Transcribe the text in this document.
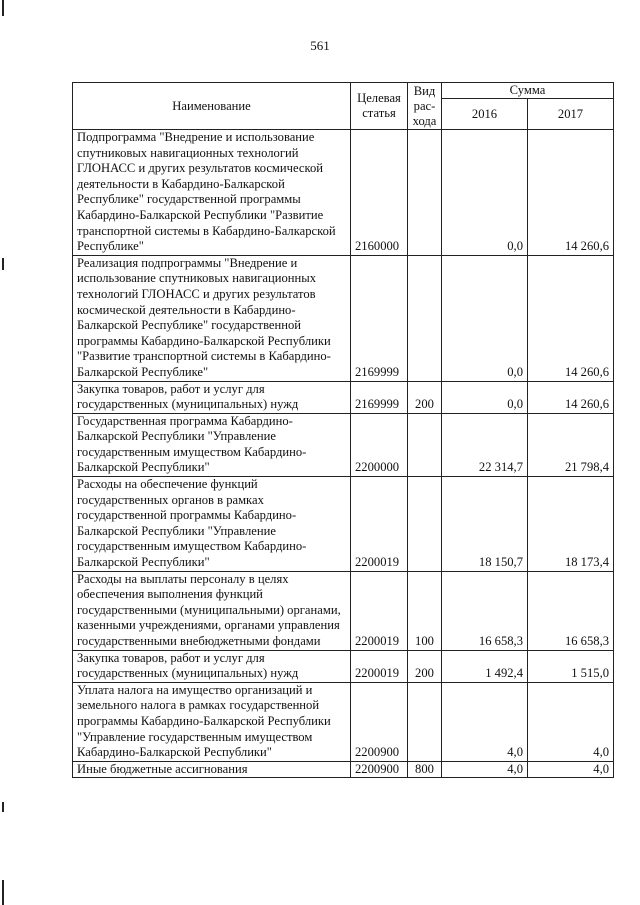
561
Наименование	Целевая статья	Вид рас-хода	Сумма	
			2016	2017
Подпрограмма "Внедрение и использование спутниковых навигационных технологий ГЛОНАСС и других результатов космической деятельности в Кабардино-Балкарской Республике" государственной программы Кабардино-Балкарской Республики "Развитие транспортной системы в Кабардино-Балкарской Республике"	2160000		0,0	14 260,6
Реализация подпрограммы "Внедрение и использование спутниковых навигационных технологий ГЛОНАСС и других результатов космической деятельности в Кабардино-Балкарской Республике" государственной программы Кабардино-Балкарской Республики "Развитие транспортной системы в Кабардино-Балкарской Республике"	2169999		0,0	14 260,6
Закупка товаров, работ и услуг для государственных (муниципальных) нужд	2169999	200	0,0	14 260,6
Государственная программа Кабардино-Балкарской Республики "Управление государственным имуществом Кабардино-Балкарской Республики"	2200000		22 314,7	21 798,4
Расходы на обеспечение функций государственных органов в рамках государственной программы Кабардино-Балкарской Республики "Управление государственным имуществом Кабардино-Балкарской Республики"	2200019		18 150,7	18 173,4
Расходы на выплаты персоналу в целях обеспечения выполнения функций государственными (муниципальными) органами, казенными учреждениями, органами управления государственными внебюджетными фондами	2200019	100	16 658,3	16 658,3
Закупка товаров, работ и услуг для государственных (муниципальных) нужд	2200019	200	1 492,4	1 515,0
Уплата налога на имущество организаций и земельного налога в рамках государственной программы Кабардино-Балкарской Республики "Управление государственным имуществом Кабардино-Балкарской Республики"	2200900		4,0	4,0
Иные бюджетные ассигнования	2200900	800	4,0	4,0
